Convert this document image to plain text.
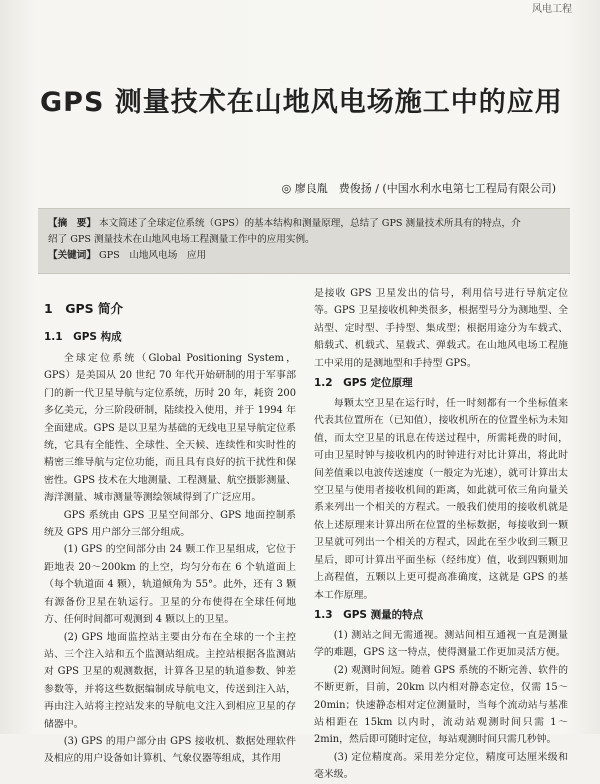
风电工程
GPS 测量技术在山地风电场施工中的应用
◎ 廖良胤　费俊扬 / (中国水利水电第七工程局有限公司)

【摘　要】 本文简述了全球定位系统（GPS）的基本结构和测量原理，总结了 GPS 测量技术所具有的特点，介

绍了 GPS 测量技术在山地风电场工程测量工作中的应用实例。

【关键词】 GPS　山地风电场　应用

1　GPS 简介
1.1　GPS 构成

全球定位系统（Global Positioning System，GPS）是美国从 20 世纪 70 年代开始研制的用于军事部门的新一代卫星导航与定位系统，历时 20 年，耗资 200 多亿美元，分三阶段研制，陆续投入使用，并于 1994 年全面建成。GPS 是以卫星为基础的无线电卫星导航定位系统，它具有全能性、全球性、全天候、连续性和实时性的精密三维导航与定位功能，而且具有良好的抗干扰性和保密性。GPS 技术在大地测量、工程测量、航空摄影测量、海洋测量、城市测量等测绘领域得到了广泛应用。

GPS 系统由 GPS 卫星空间部分、GPS 地面控制系统及 GPS 用户部分三部分组成。

(1) GPS 的空间部分由 24 颗工作卫星组成，它位于距地表 20～200km 的上空，均匀分布在 6 个轨道面上（每个轨道面 4 颗），轨道倾角为 55°。此外，还有 3 颗有源备份卫星在轨运行。卫星的分布使得在全球任何地方、任何时间都可观测到 4 颗以上的卫星。

(2) GPS 地面监控站主要由分布在全球的一个主控站、三个注入站和五个监测站组成。主控站根据各监测站对 GPS 卫星的观测数据，计算各卫星的轨道参数、钟差参数等，并将这些数据编制成导航电文，传送到注入站，再由注入站将主控站发来的导航电文注入到相应卫星的存储器中。

(3) GPS 的用户部分由 GPS 接收机、数据处理软件及相应的用户设备如计算机、气象仪器等组成，其作用

是接收 GPS 卫星发出的信号，利用信号进行导航定位等。GPS 卫星接收机种类很多，根据型号分为测地型、全站型、定时型、手持型、集成型；根据用途分为车载式、船载式、机载式、星载式、弹载式。在山地风电场工程施工中采用的是测地型和手持型 GPS。

1.2　GPS 定位原理

每颗太空卫星在运行时，任一时刻都有一个坐标值来代表其位置所在（已知值），接收机所在的位置坐标为未知值，而太空卫星的讯息在传送过程中，所需耗费的时间，可由卫星时钟与接收机内的时钟进行对比计算出，将此时间差值乘以电波传送速度（一般定为光速），就可计算出太空卫星与使用者接收机间的距离，如此就可依三角向量关系来列出一个相关的方程式。一般我们使用的接收机就是依上述原理来计算出所在位置的坐标数据，每接收到一颗卫星就可列出一个相关的方程式，因此在至少收到三颗卫星后，即可计算出平面坐标（经纬度）值，收到四颗则加上高程值，五颗以上更可提高准确度，这就是 GPS 的基本工作原理。

1.3　GPS 测量的特点

(1) 测站之间无需通视。测站间相互通视一直是测量学的难题，GPS 这一特点，使得测量工作更加灵活方便。

(2) 观测时间短。随着 GPS 系统的不断完善、软件的不断更新，目前，20km 以内相对静态定位，仅需 15～20min；快速静态相对定位测量时，当每个流动站与基准站相距在 15km 以内时，流动站观测时间只需 1～2min，然后即可随时定位，每站观测时间只需几秒钟。

(3) 定位精度高。采用差分定位，精度可达厘米级和毫米级。
